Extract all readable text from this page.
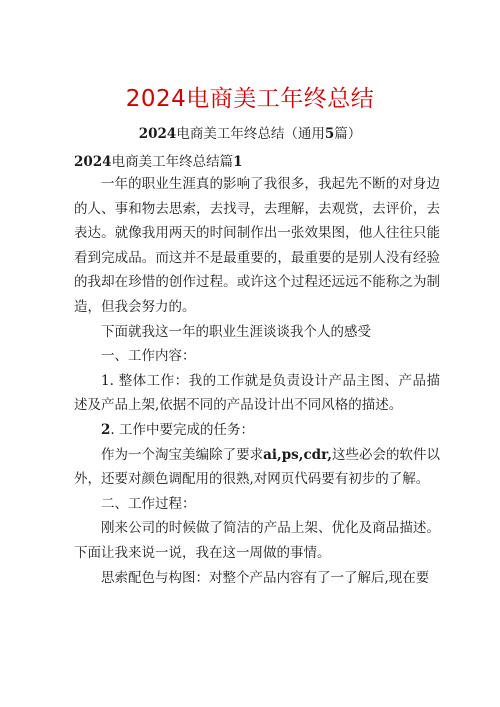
2024电商美工年终总结
2024电商美工年终总结（通用5篇）
2024电商美工年终总结篇1

一年的职业生涯真的影响了我很多，我起先不断的对身边的人、事和物去思索，去找寻，去理解，去观赏，去评价，去表达。就像我用两天的时间制作出一张效果图，他人往往只能看到完成品。而这并不是最重要的，最重要的是别人没有经验的我却在珍惜的创作过程。或许这个过程还远远不能称之为制造，但我会努力的。

下面就我这一年的职业生涯谈谈我个人的感受

一、工作内容：

1. 整体工作：我的工作就是负责设计产品主图、产品描述及产品上架,依据不同的产品设计出不同风格的描述。

2. 工作中要完成的任务：

作为一个淘宝美编除了要求ai,ps,cdr,这些必会的软件以外，还要对颜色调配用的很熟,对网页代码要有初步的了解。

二、工作过程：

刚来公司的时候做了简洁的产品上架、优化及商品描述。下面让我来说一说，我在这一周做的事情。

思索配色与构图：对整个产品内容有了一了解后,现在要
